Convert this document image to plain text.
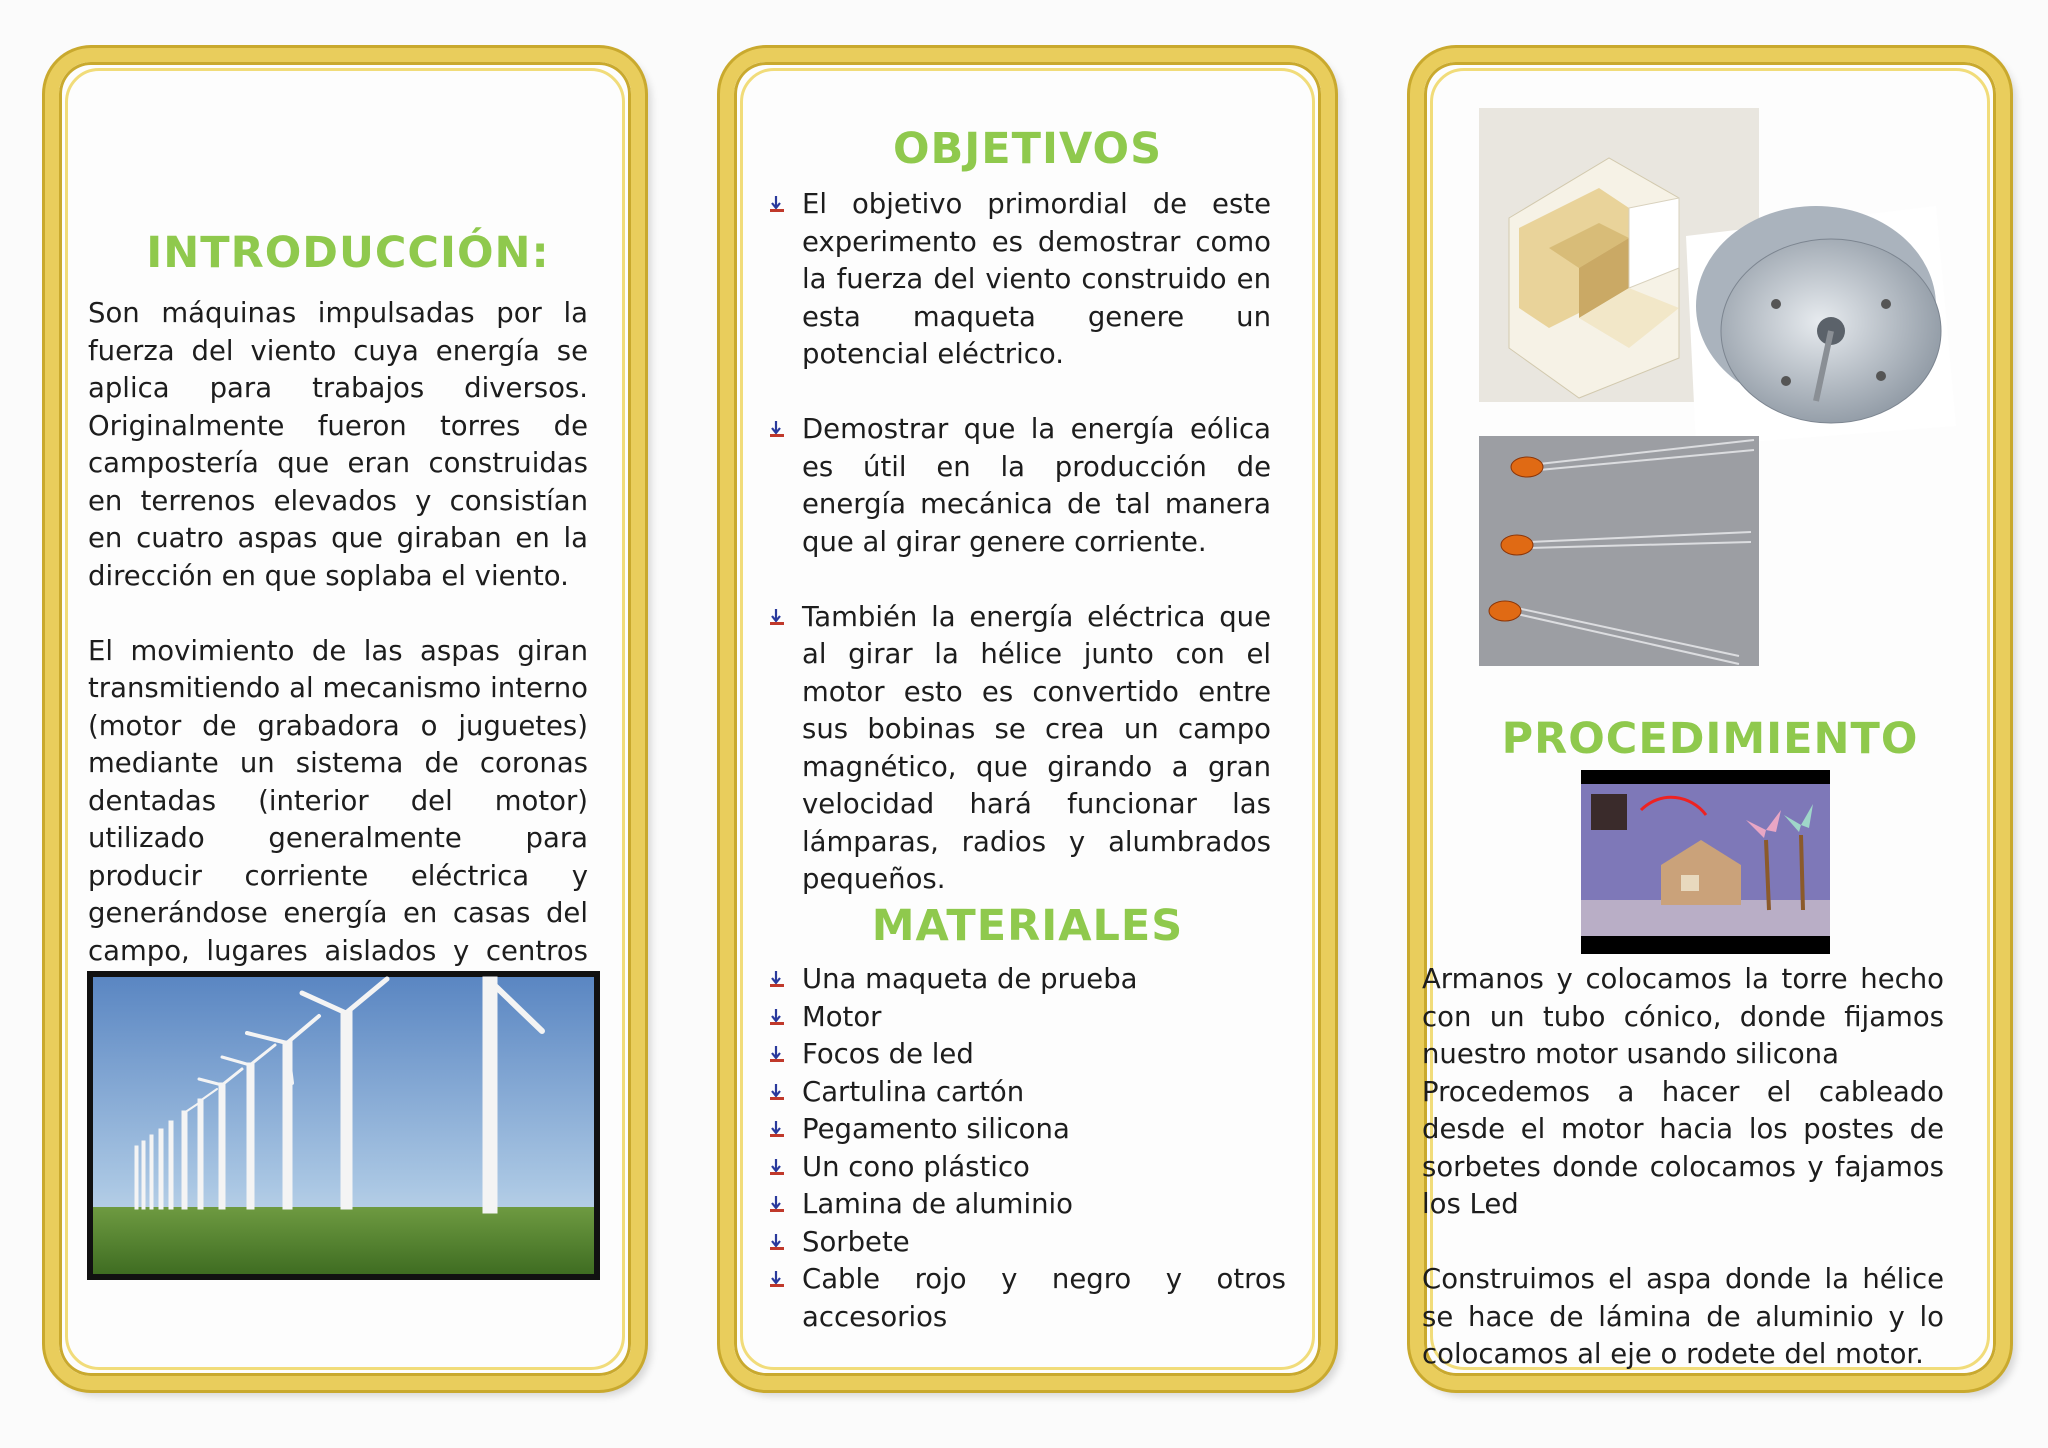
INTRODUCCIÓN:

Son máquinas impulsadas por la fuerza del viento cuya energía se aplica para trabajos diversos. Originalmente fueron torres de campostería que eran construidas en terrenos elevados y consistían en cuatro aspas que giraban en la dirección en que soplaba el viento.

El movimiento de las aspas giran transmitiendo al mecanismo interno (motor de grabadora o juguetes) mediante un sistema de coronas dentadas (interior del motor) utilizado generalmente para producir corriente eléctrica y generándose energía en casas del campo, lugares aislados y centros

OBJETIVOS
El objetivo primordial de este experimento es demostrar como la fuerza del viento construido en esta maqueta genere un potencial eléctrico.
Demostrar que la energía eólica es útil en la producción de energía mecánica de tal manera que al girar genere corriente.
También la energía eléctrica que al girar la hélice junto con el motor esto es convertido entre sus bobinas se crea un campo magnético, que girando a gran velocidad hará funcionar las lámparas, radios y alumbrados pequeños.
MATERIALES
Una maqueta de prueba
Motor
Focos de led
Cartulina cartón
Pegamento silicona
Un cono plástico
Lamina de aluminio
Sorbete
Cable rojo y negro y otros accesorios
PROCEDIMIENTO

Armanos y colocamos la torre hecho con un tubo cónico, donde fijamos nuestro motor usando silicona

Procedemos a hacer el cableado desde el motor hacia los postes de sorbetes donde colocamos y fajamos los Led

Construimos el aspa donde la hélice se hace de lámina de aluminio y lo colocamos al eje o rodete del motor.
